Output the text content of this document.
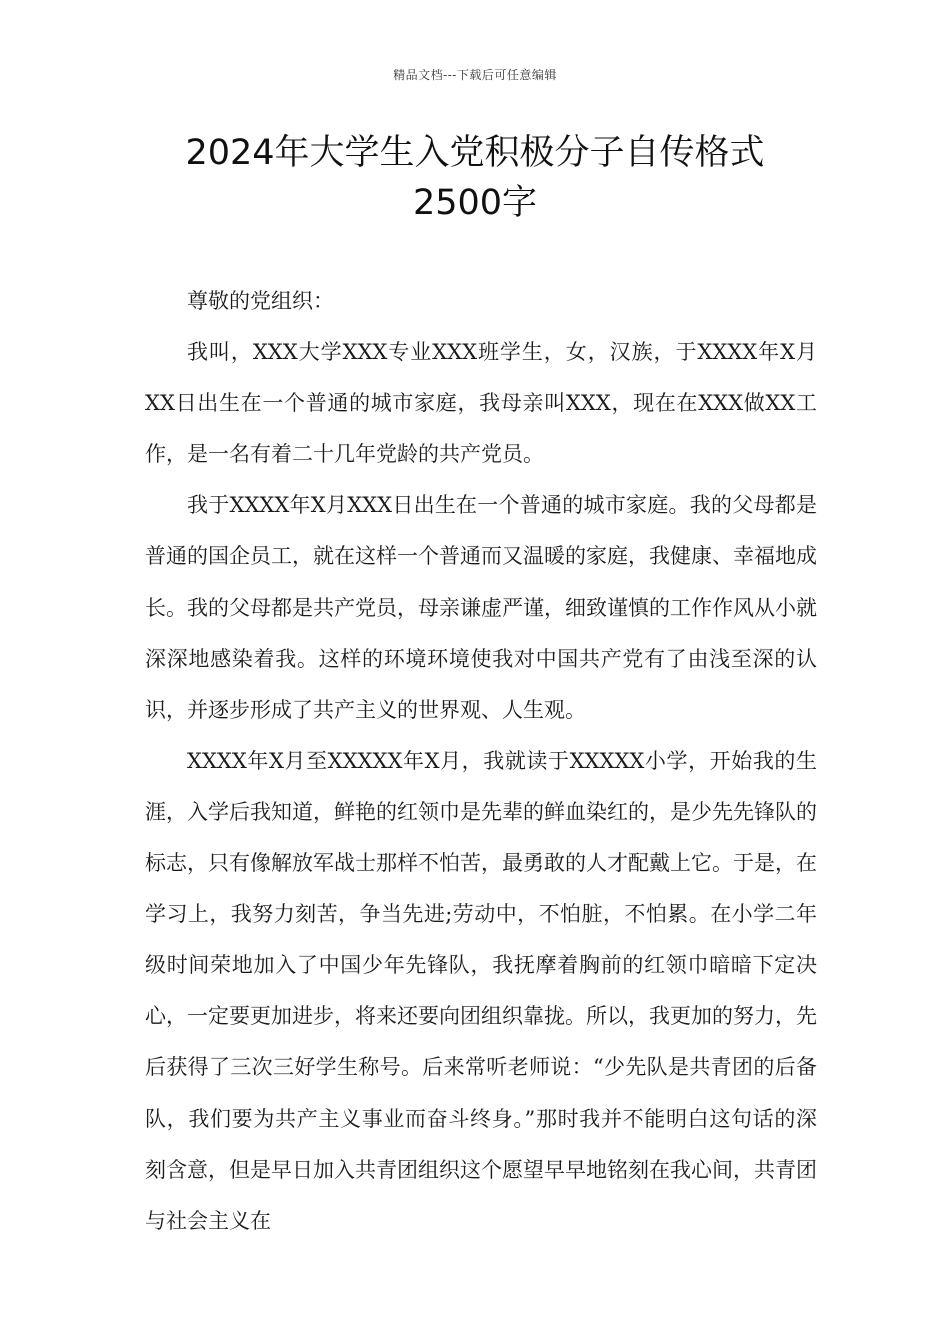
精品文档---下载后可任意编辑
2024年大学生入党积极分子自传格式
2500字

尊敬的党组织：

我叫，XXX大学XXX专业XXX班学生，女，汉族，于XXXX年X月XX日出生在一个普通的城市家庭，我母亲叫XXX，现在在XXX做XX工作，是一名有着二十几年党龄的共产党员。

我于XXXX年X月XXX日出生在一个普通的城市家庭。我的父母都是普通的国企员工，就在这样一个普通而又温暖的家庭，我健康、幸福地成长。我的父母都是共产党员，母亲谦虚严谨，细致谨慎的工作作风从小就深深地感染着我。这样的环境环境使我对中国共产党有了由浅至深的认识，并逐步形成了共产主义的世界观、人生观。

XXXX年X月至XXXXX年X月，我就读于XXXXX小学，开始我的生涯，入学后我知道，鲜艳的红领巾是先辈的鲜血染红的，是少先先锋队的标志，只有像解放军战士那样不怕苦，最勇敢的人才配戴上它。于是，在学习上，我努力刻苦，争当先进;劳动中，不怕脏，不怕累。在小学二年级时间荣地加入了中国少年先锋队，我抚摩着胸前的红领巾暗暗下定决心，一定要更加进步，将来还要向团组织靠拢。所以，我更加的努力，先后获得了三次三好学生称号。后来常听老师说：“少先队是共青团的后备队，我们要为共产主义事业而奋斗终身。”那时我并不能明白这句话的深刻含意，但是早日加入共青团组织这个愿望早早地铭刻在我心间，共青团与社会主义在
